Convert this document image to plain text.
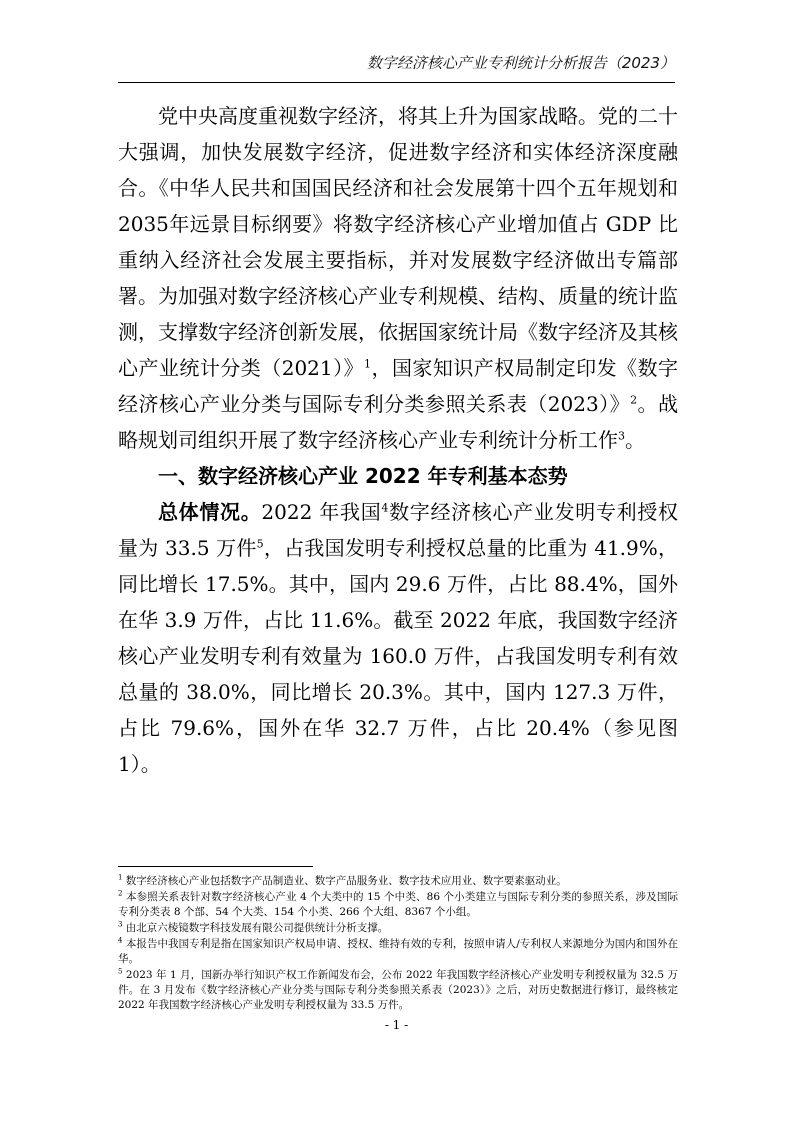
数字经济核心产业专利统计分析报告（2023）

党中央高度重视数字经济，将其上升为国家战略。党的二十大强调，加快发展数字经济，促进数字经济和实体经济深度融合。《中华人民共和国国民经济和社会发展第十四个五年规划和2035年远景目标纲要》将数字经济核心产业增加值占 GDP 比重纳入经济社会发展主要指标，并对发展数字经济做出专篇部署。为加强对数字经济核心产业专利规模、结构、质量的统计监测，支撑数字经济创新发展，依据国家统计局《数字经济及其核心产业统计分类（2021）》$^1$，国家知识产权局制定印发《数字经济核心产业分类与国际专利分类参照关系表（2023）》$^2$。战略规划司组织开展了数字经济核心产业专利统计分析工作$^3$。

一、数字经济核心产业 2022 年专利基本态势

总体情况。2022 年我国$^4$数字经济核心产业发明专利授权量为 33.5 万件$^5$，占我国发明专利授权总量的比重为 41.9%，同比增长 17.5%。其中，国内 29.6 万件，占比 88.4%，国外在华 3.9 万件，占比 11.6%。截至 2022 年底，我国数字经济核心产业发明专利有效量为 160.0 万件，占我国发明专利有效总量的 38.0%，同比增长 20.3%。其中，国内 127.3 万件，占比 79.6%，国外在华 32.7 万件，占比 20.4%（参见图 1）。

$^1$ 数字经济核心产业包括数字产品制造业、数字产品服务业、数字技术应用业、数字要素驱动业。

$^2$ 本参照关系表针对数字经济核心产业 4 个大类中的 15 个中类、86 个小类建立与国际专利分类的参照关系，涉及国际专利分类表 8 个部、54 个大类、154 个小类、266 个大组、8367 个小组。

$^3$ 由北京六棱镜数字科技发展有限公司提供统计分析支撑。

$^4$ 本报告中我国专利是指在国家知识产权局申请、授权、维持有效的专利，按照申请人/专利权人来源地分为国内和国外在华。

$^5$ 2023 年 1 月，国新办举行知识产权工作新闻发布会，公布 2022 年我国数字经济核心产业发明专利授权量为 32.5 万件。在 3 月发布《数字经济核心产业分类与国际专利分类参照关系表（2023）》之后，对历史数据进行修订，最终核定 2022 年我国数字经济核心产业发明专利授权量为 33.5 万件。

- 1 -
